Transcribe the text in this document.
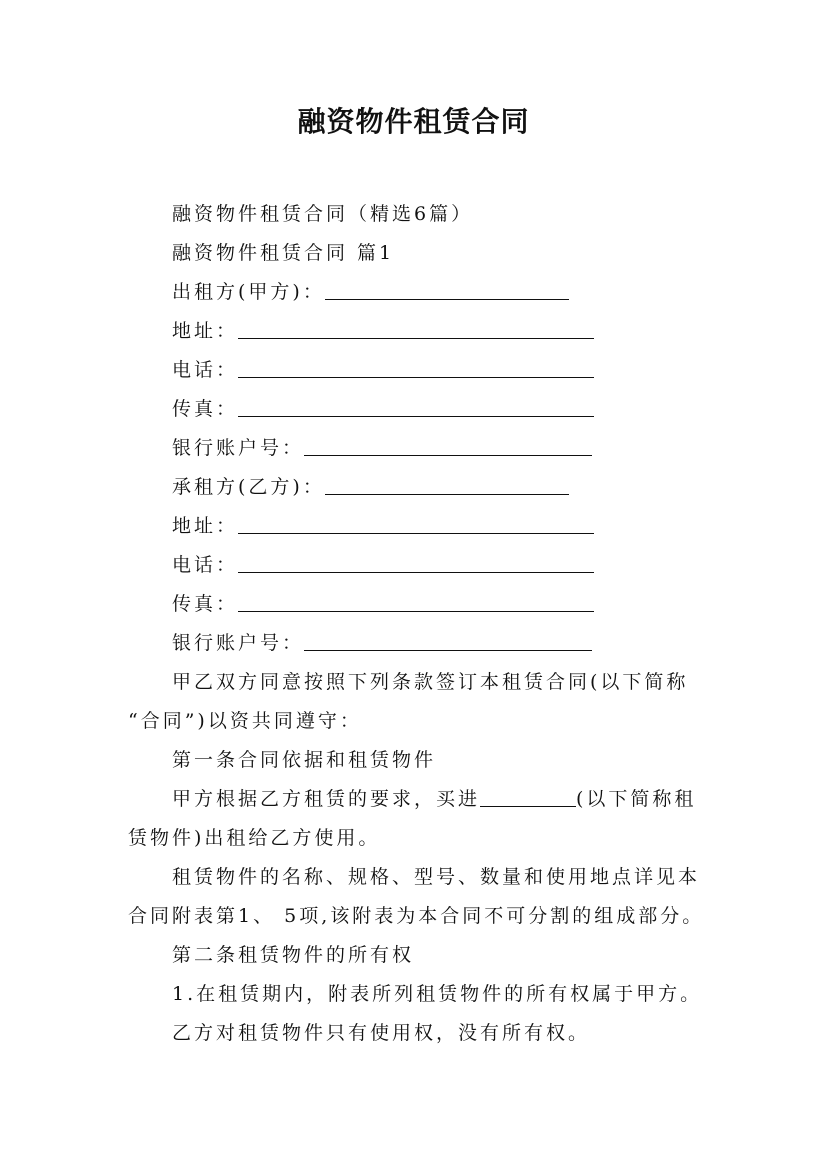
融资物件租赁合同
融资物件租赁合同（精选6篇）
融资物件租赁合同 篇1
出租方(甲方)：
地址：
电话：
传真：
银行账户号：
承租方(乙方)：
地址：
电话：
传真：
银行账户号：
甲乙双方同意按照下列条款签订本租赁合同(以下简称
“合同”)以资共同遵守：
第一条合同依据和租赁物件
甲方根据乙方租赁的要求，买进	(以下简称租
赁物件)出租给乙方使用。
租赁物件的名称、规格、型号、数量和使用地点详见本
合同附表第1、 5项,该附表为本合同不可分割的组成部分。
第二条租赁物件的所有权
1.在租赁期内，附表所列租赁物件的所有权属于甲方。
乙方对租赁物件只有使用权，没有所有权。
